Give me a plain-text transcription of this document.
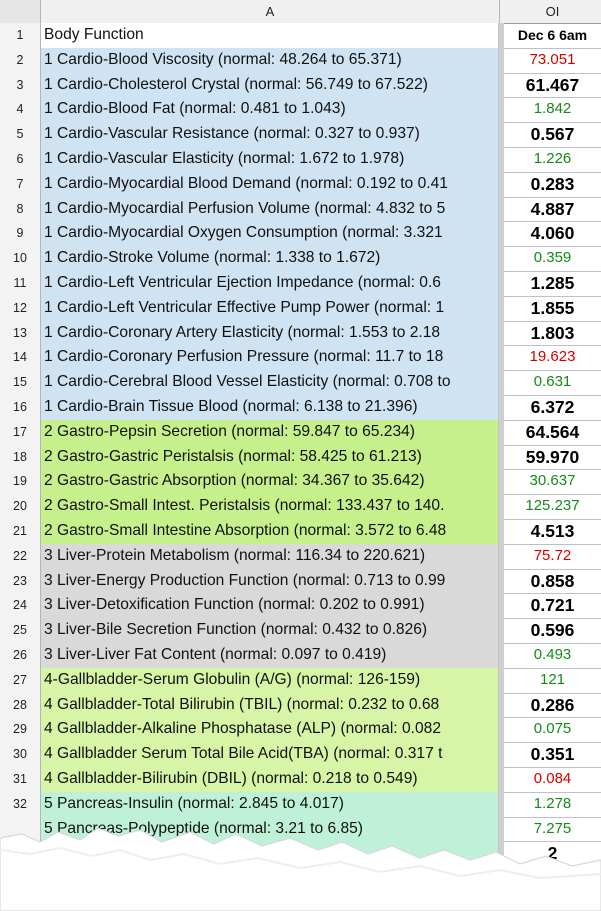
A	OI
1	Body Function	Dec 6 6am
2	1 Cardio-Blood Viscosity (normal: 48.264 to 65.371)	73.051
3	1 Cardio-Cholesterol Crystal (normal: 56.749 to 67.522)	61.467
4	1 Cardio-Blood Fat (normal: 0.481 to 1.043)	1.842
5	1 Cardio-Vascular Resistance (normal: 0.327 to 0.937)	0.567
6	1 Cardio-Vascular Elasticity (normal: 1.672 to 1.978)	1.226
7	1 Cardio-Myocardial Blood Demand (normal: 0.192 to 0.41	0.283
8	1 Cardio-Myocardial Perfusion Volume (normal: 4.832 to 5	4.887
9	1 Cardio-Myocardial Oxygen Consumption (normal: 3.321	4.060
10	1 Cardio-Stroke Volume (normal: 1.338 to 1.672)	0.359
11	1 Cardio-Left Ventricular Ejection Impedance (normal: 0.6	1.285
12	1 Cardio-Left Ventricular Effective Pump Power (normal: 1	1.855
13	1 Cardio-Coronary Artery Elasticity (normal: 1.553 to 2.18	1.803
14	1 Cardio-Coronary Perfusion Pressure (normal: 11.7 to 18	19.623
15	1 Cardio-Cerebral Blood Vessel Elasticity (normal: 0.708 to	0.631
16	1 Cardio-Brain Tissue Blood (normal: 6.138 to 21.396)	6.372
17	2 Gastro-Pepsin Secretion (normal: 59.847 to 65.234)	64.564
18	2 Gastro-Gastric Peristalsis (normal: 58.425 to 61.213)	59.970
19	2 Gastro-Gastric Absorption (normal: 34.367 to 35.642)	30.637
20	2 Gastro-Small Intest. Peristalsis (normal: 133.437 to 140.	125.237
21	2 Gastro-Small Intestine Absorption (normal: 3.572 to 6.48	4.513
22	3 Liver-Protein Metabolism (normal: 116.34 to 220.621)	75.72
23	3 Liver-Energy Production Function (normal: 0.713 to 0.99	0.858
24	3 Liver-Detoxification Function (normal: 0.202 to 0.991)	0.721
25	3 Liver-Bile Secretion Function (normal: 0.432 to 0.826)	0.596
26	3 Liver-Liver Fat Content (normal: 0.097 to 0.419)	0.493
27	4-Gallbladder-Serum Globulin (A/G) (normal: 126-159)	121
28	4 Gallbladder-Total Bilirubin (TBIL) (normal: 0.232 to 0.68	0.286
29	4 Gallbladder-Alkaline Phosphatase (ALP) (normal: 0.082	0.075
30	4 Gallbladder Serum Total Bile Acid(TBA) (normal: 0.317 t	0.351
31	4 Gallbladder-Bilirubin (DBIL) (normal: 0.218 to 0.549)	0.084
32	5 Pancreas-Insulin (normal: 2.845 to 4.017)	1.278
5 Pancreas-Polypeptide (normal: 3.21 to 6.85)	7.275
2
